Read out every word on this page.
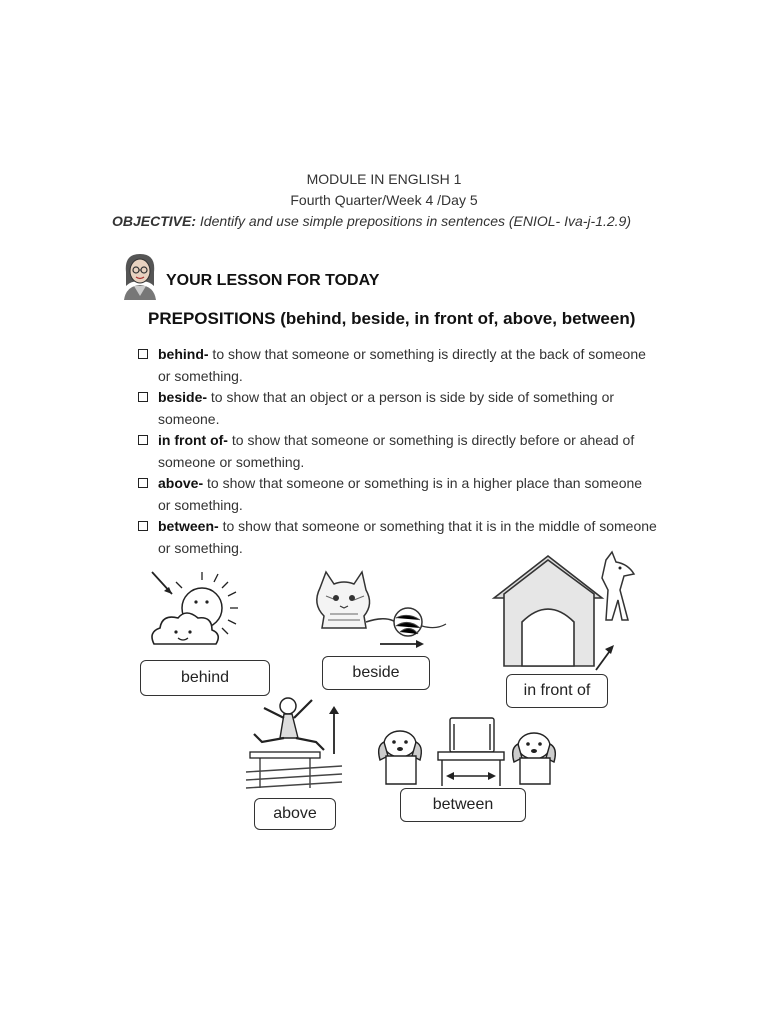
MODULE IN ENGLISH 1
Fourth Quarter/Week 4 /Day 5
OBJECTIVE: Identify and use simple prepositions in sentences (ENIOL- Iva-j-1.2.9)
YOUR LESSON FOR TODAY
PREPOSITIONS (behind, beside, in front of, above, between)
behind- to show that someone or something is directly at the back of someone or something.
beside- to show that an object or a person is side by side of something or someone.
in front of- to show that someone or something is directly before or ahead of someone or something.
above- to show that someone or something is in a higher place than someone or something.
between- to show that someone or something that it is in the middle of someone or something.
behind	beside
in front of
above
between
